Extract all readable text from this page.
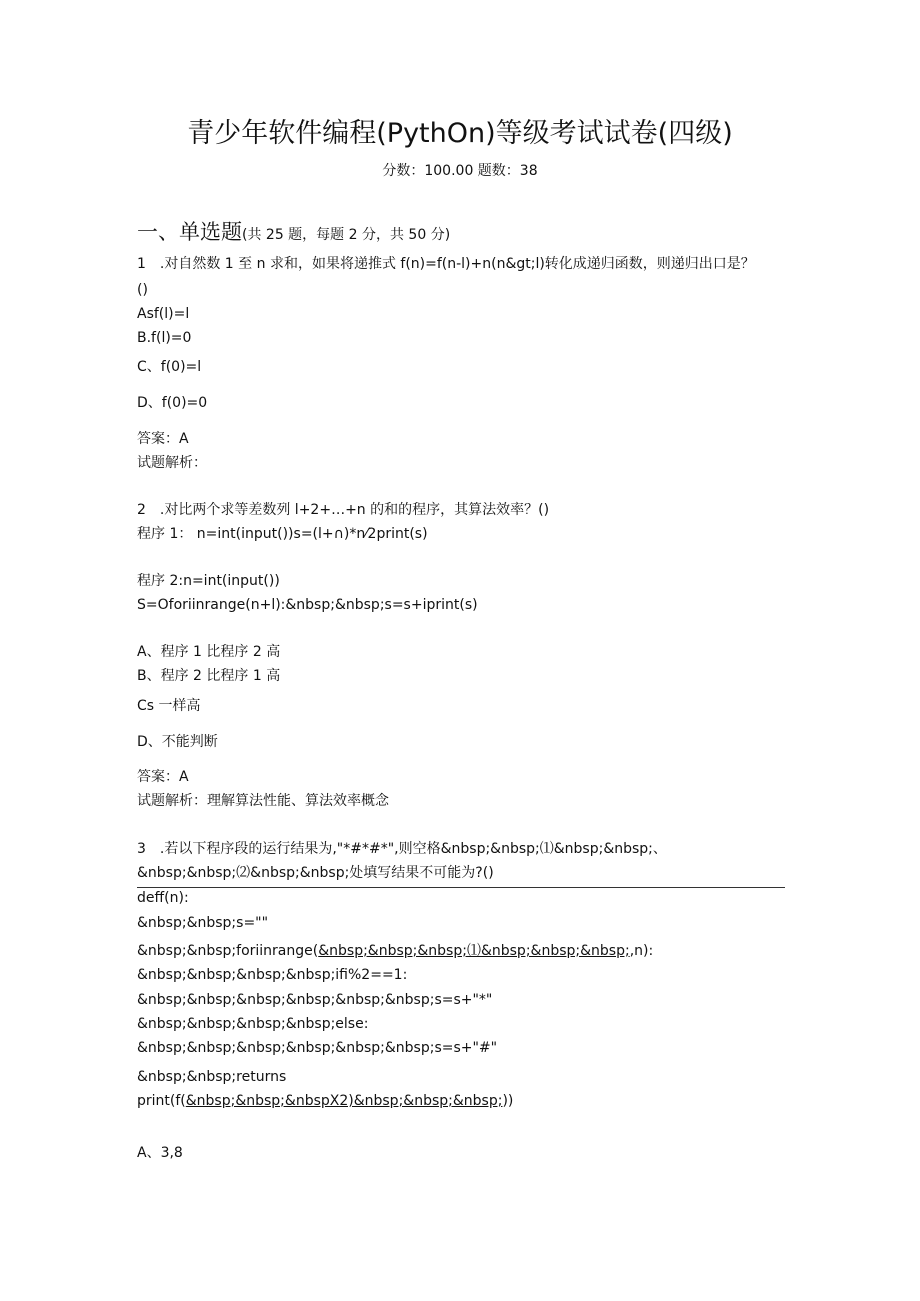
青少年软件编程(PythOn)等级考试试卷(四级)
分数：100.00 题数：38
一、单选题(共 25 题，每题 2 分，共 50 分)
1　.对自然数 1 至 n 求和，如果将递推式 f(n)=f(n-l)+n(n&gt;l)转化成递归函数，则递归出口是？
()
Asf(l)=l
B.f(l)=0
C、f(0)=l
D、f(0)=0
答案：A
试题解析：
2　.对比两个求等差数列 l+2+…+n 的和的程序，其算法效率？()
程序 1： n=int(input())s=(l+∩)*n⁄2print(s)
程序 2:n=int(input())
S=Oforiinrange(n+l):&nbsp;&nbsp;s=s+iprint(s)
A、程序 1 比程序 2 高
B、程序 2 比程序 1 高
Cs 一样高
D、不能判断
答案：A
试题解析：理解算法性能、算法效率概念
3　.若以下程序段的运行结果为,"*#*#*",则空格&nbsp;&nbsp;⑴&nbsp;&nbsp;、
&nbsp;&nbsp;⑵&nbsp;&nbsp;处填写结果不可能为?()
deff(n):
&nbsp;&nbsp;s=""
&nbsp;&nbsp;foriinrange(&nbsp;&nbsp;&nbsp;⑴&nbsp;&nbsp;&nbsp;,n):
&nbsp;&nbsp;&nbsp;&nbsp;ifi%2==1:
&nbsp;&nbsp;&nbsp;&nbsp;&nbsp;&nbsp;s=s+"*"
&nbsp;&nbsp;&nbsp;&nbsp;else:
&nbsp;&nbsp;&nbsp;&nbsp;&nbsp;&nbsp;s=s+"#"
&nbsp;&nbsp;returns
print(f(&nbsp;&nbsp;&nbspX2)&nbsp;&nbsp;&nbsp;))
A、3,8
